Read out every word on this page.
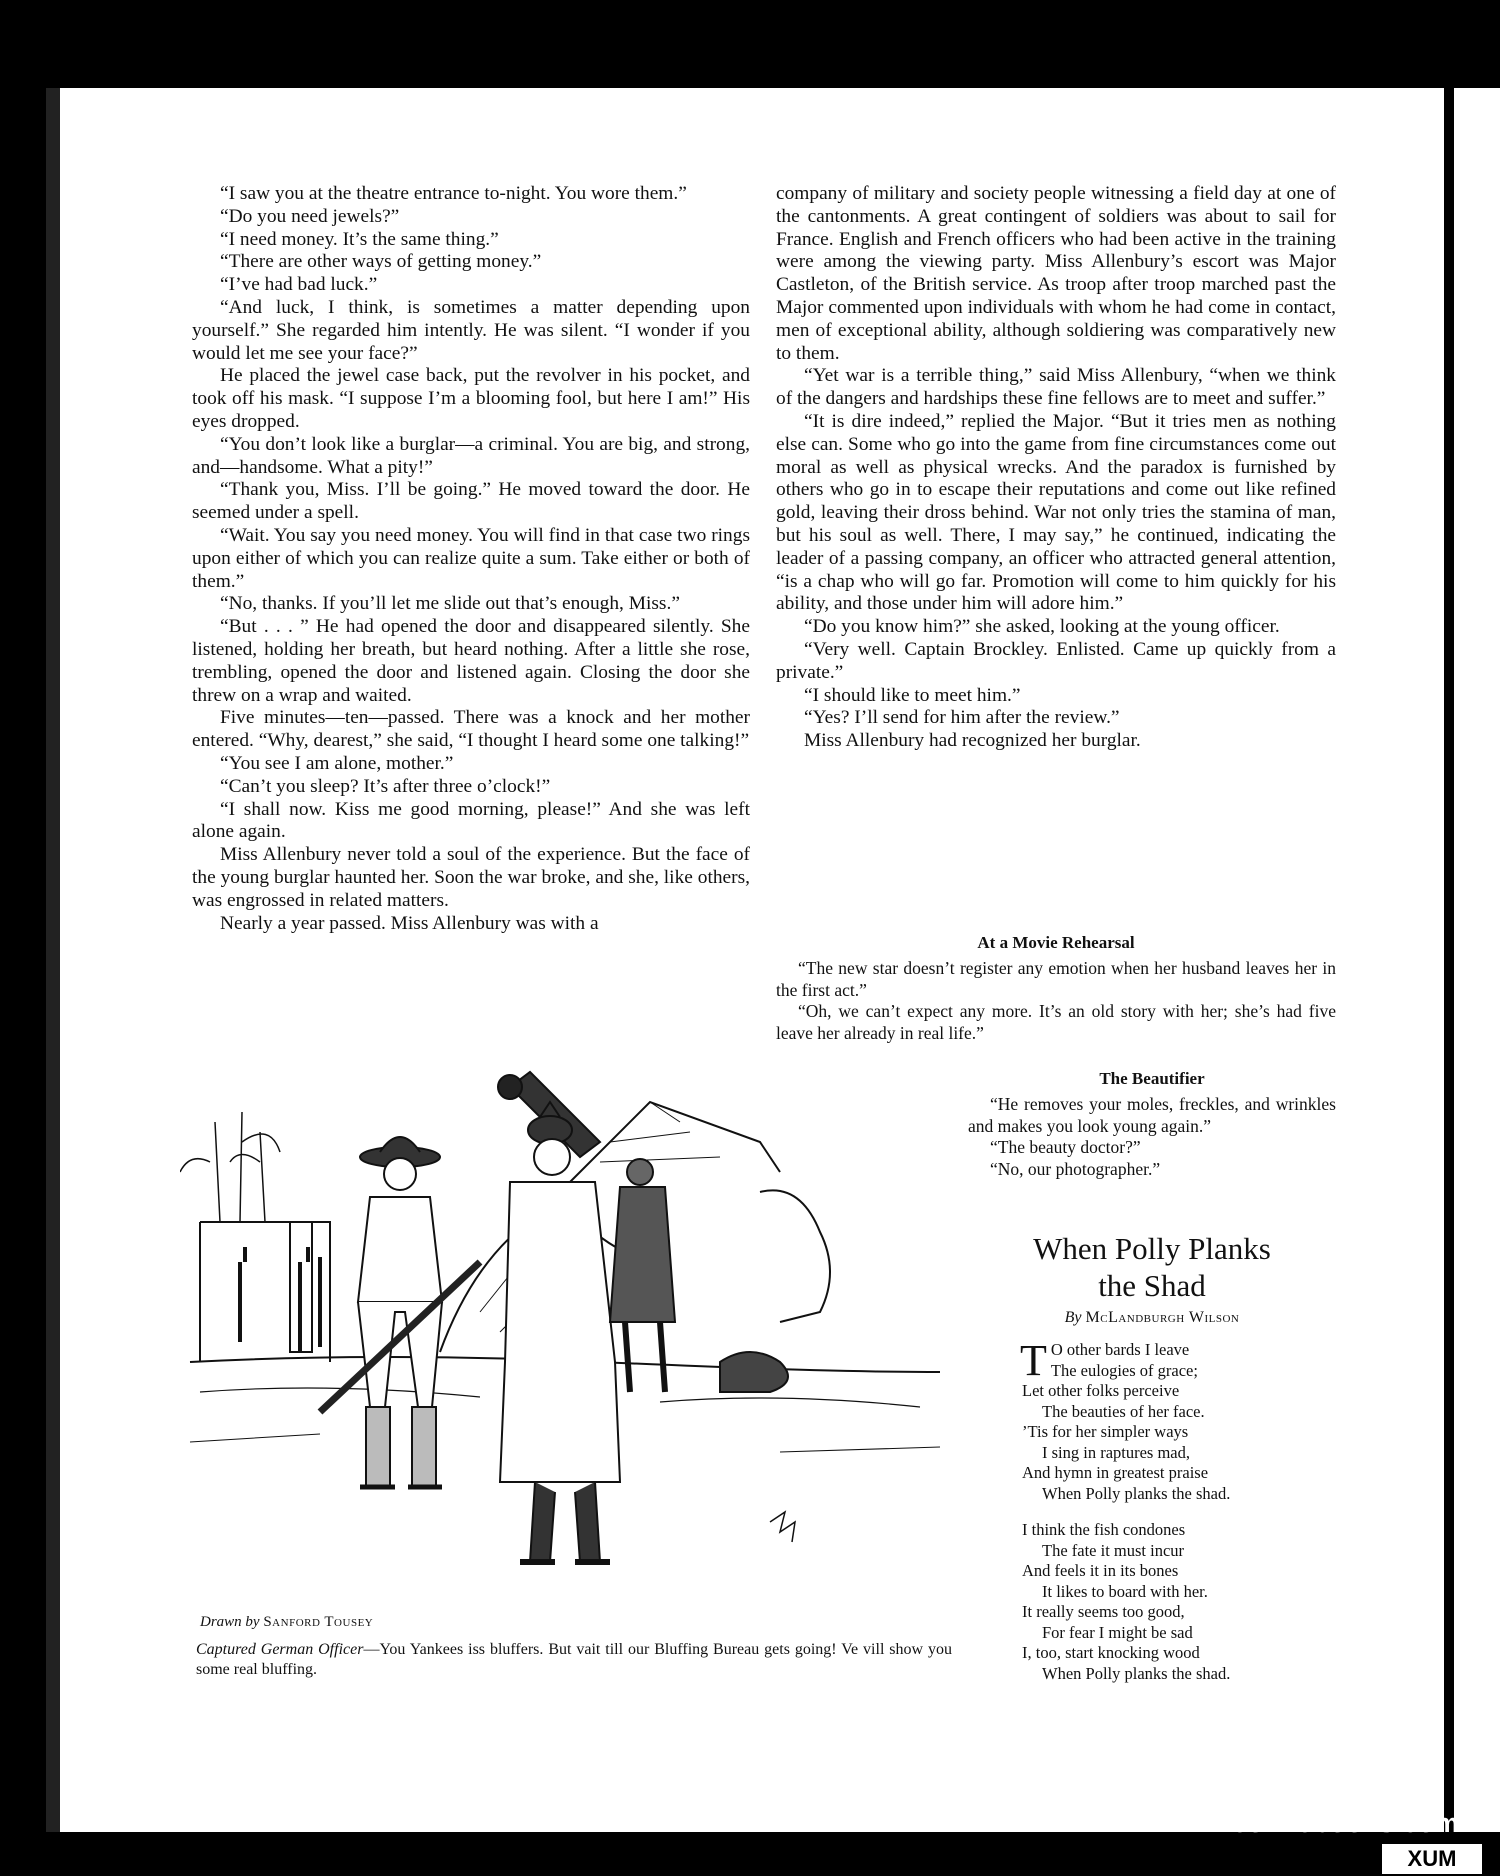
“I saw you at the theatre entrance to-night. You wore them.”

“Do you need jewels?”

“I need money. It’s the same thing.”

“There are other ways of getting money.”

“I’ve had bad luck.”

“And luck, I think, is sometimes a matter depending upon yourself.” She regarded him intently. He was silent. “I wonder if you would let me see your face?”

He placed the jewel case back, put the revolver in his pocket, and took off his mask. “I suppose I’m a blooming fool, but here I am!” His eyes dropped.

“You don’t look like a burglar—a criminal. You are big, and strong, and—handsome. What a pity!”

“Thank you, Miss. I’ll be going.” He moved toward the door. He seemed under a spell.

“Wait. You say you need money. You will find in that case two rings upon either of which you can realize quite a sum. Take either or both of them.”

“No, thanks. If you’ll let me slide out that’s enough, Miss.”

“But . . . ” He had opened the door and disappeared silently. She listened, holding her breath, but heard nothing. After a little she rose, trembling, opened the door and listened again. Closing the door she threw on a wrap and waited.

Five minutes—ten—passed. There was a knock and her mother entered. “Why, dearest,” she said, “I thought I heard some one talking!”

“You see I am alone, mother.”

“Can’t you sleep? It’s after three o’clock!”

“I shall now. Kiss me good morning, please!” And she was left alone again.

Miss Allenbury never told a soul of the experience. But the face of the young burglar haunted her. Soon the war broke, and she, like others, was engrossed in related matters.

Nearly a year passed. Miss Allenbury was with a

company of military and society people witnessing a field day at one of the cantonments. A great contingent of soldiers was about to sail for France. English and French officers who had been active in the training were among the viewing party. Miss Allenbury’s escort was Major Castleton, of the British service. As troop after troop marched past the Major commented upon individuals with whom he had come in contact, men of exceptional ability, although soldiering was comparatively new to them.

“Yet war is a terrible thing,” said Miss Allenbury, “when we think of the dangers and hardships these fine fellows are to meet and suffer.”

“It is dire indeed,” replied the Major. “But it tries men as nothing else can. Some who go into the game from fine circumstances come out moral as well as physical wrecks. And the paradox is furnished by others who go in to escape their reputations and come out like refined gold, leaving their dross behind. War not only tries the stamina of man, but his soul as well. There, I may say,” he continued, indicating the leader of a passing company, an officer who attracted general attention, “is a chap who will go far. Promotion will come to him quickly for his ability, and those under him will adore him.”

“Do you know him?” she asked, looking at the young officer.

“Very well. Captain Brockley. Enlisted. Came up quickly from a private.”

“I should like to meet him.”

“Yes? I’ll send for him after the review.”

Miss Allenbury had recognized her burglar.

At a Movie Rehearsal

“The new star doesn’t register any emotion when her husband leaves her in the first act.”

“Oh, we can’t expect any more. It’s an old story with her; she’s had five leave her already in real life.”

The Beautifier

“He removes your moles, freckles, and wrinkles and makes you look young again.”

“The beauty doctor?”

“No, our photographer.”

When Polly Planks
the Shad
By McLandburgh Wilson
T O other bards I leave
The eulogies of grace;
Let other folks perceive
The beauties of her face.
’Tis for her simpler ways
I sing in raptures mad,
And hymn in greatest praise
When Polly planks the shad.
I think the fish condones
The fate it must incur
And feels it in its bones
It likes to board with her.
It really seems too good,
For fear I might be sad
I, too, start knocking wood
When Polly planks the shad.
Drawn by Sanford Tousey
Captured German Officer—You Yankees iss bluffers. But vait till our Bluffing Bureau gets going! Ve vill show you some real bluffing.
comicbooks.com
XUM
